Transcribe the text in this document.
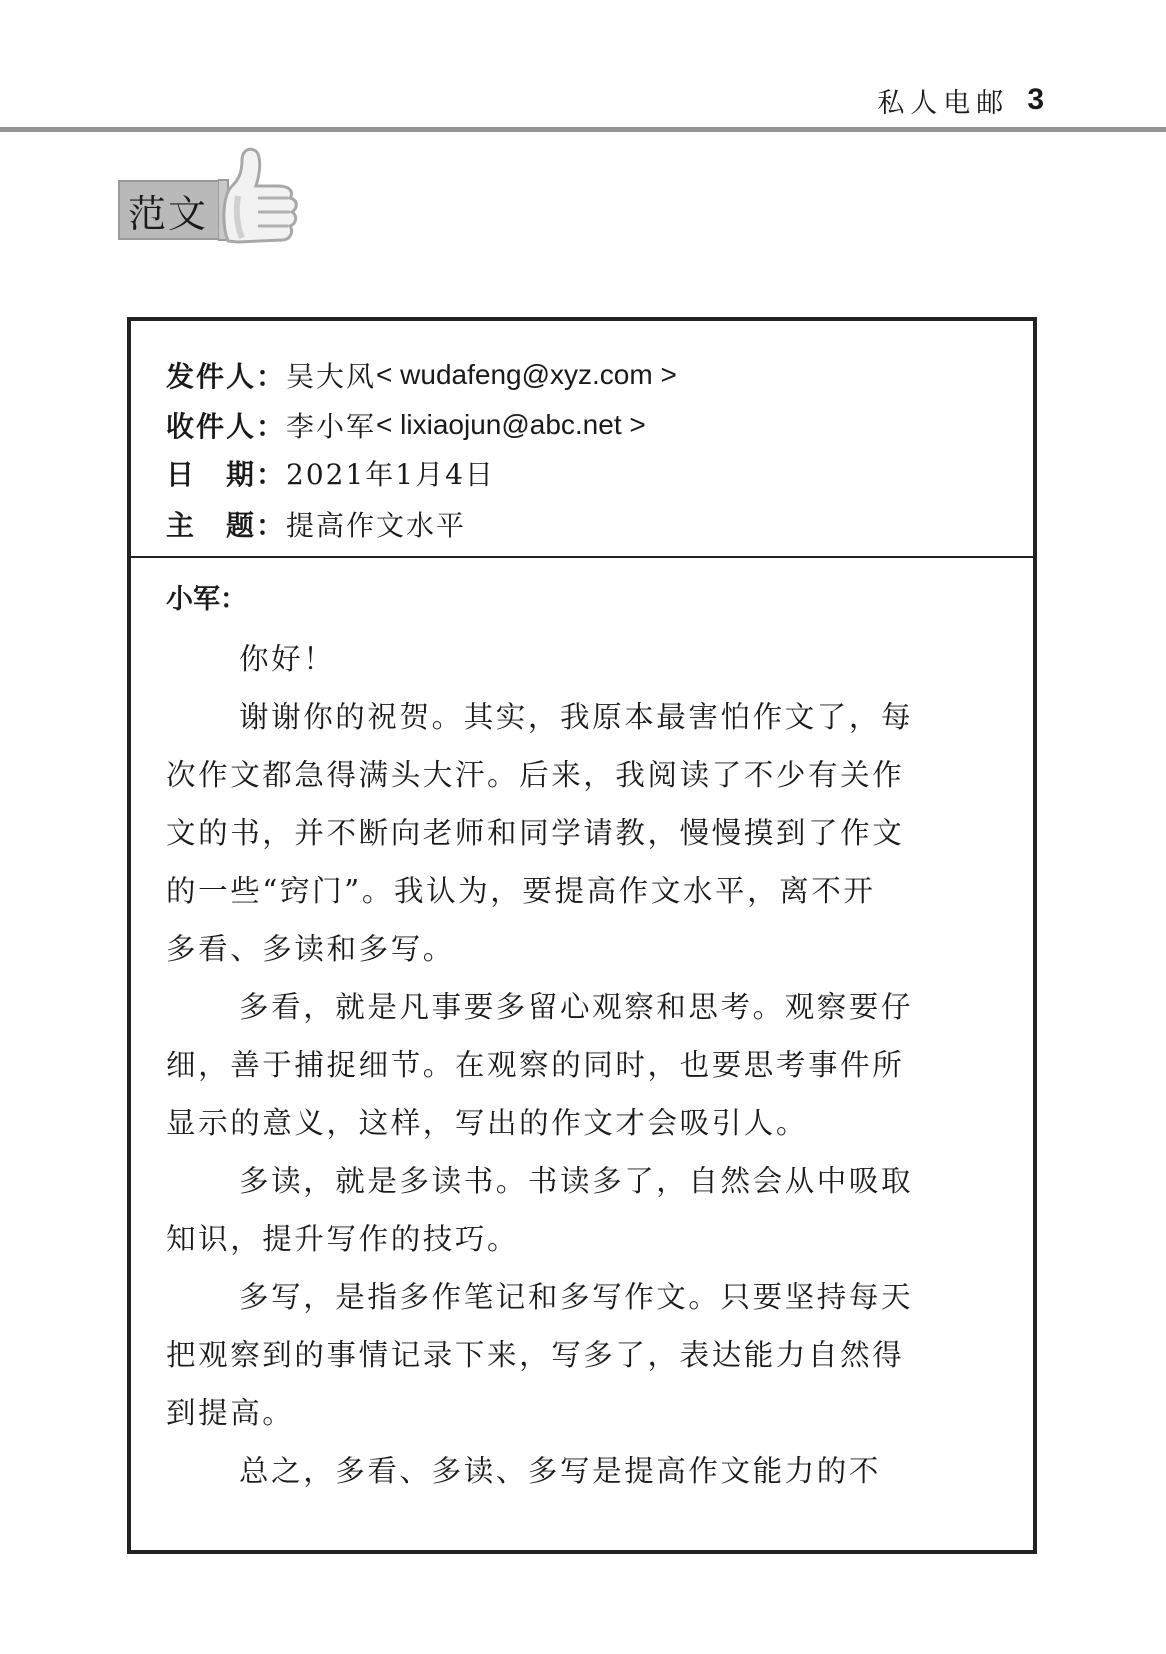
私人电邮 3
范文
发件人： 吴大风 < wudafeng@xyz.com >
收件人： 李小军 < lixiaojun@abc.net >
日　期： 2021年1月4日
主　题： 提高作文水平
小军：
你好！
谢谢你的祝贺。其实，我原本最害怕作文了，每
次作文都急得满头大汗。后来，我阅读了不少有关作
文的书，并不断向老师和同学请教，慢慢摸到了作文
的一些“窍门”。我认为，要提高作文水平，离不开
多看、多读和多写。
多看，就是凡事要多留心观察和思考。观察要仔
细，善于捕捉细节。在观察的同时，也要思考事件所
显示的意义，这样，写出的作文才会吸引人。
多读，就是多读书。书读多了，自然会从中吸取
知识，提升写作的技巧。
多写，是指多作笔记和多写作文。只要坚持每天
把观察到的事情记录下来，写多了，表达能力自然得
到提高。
总之，多看、多读、多写是提高作文能力的不
